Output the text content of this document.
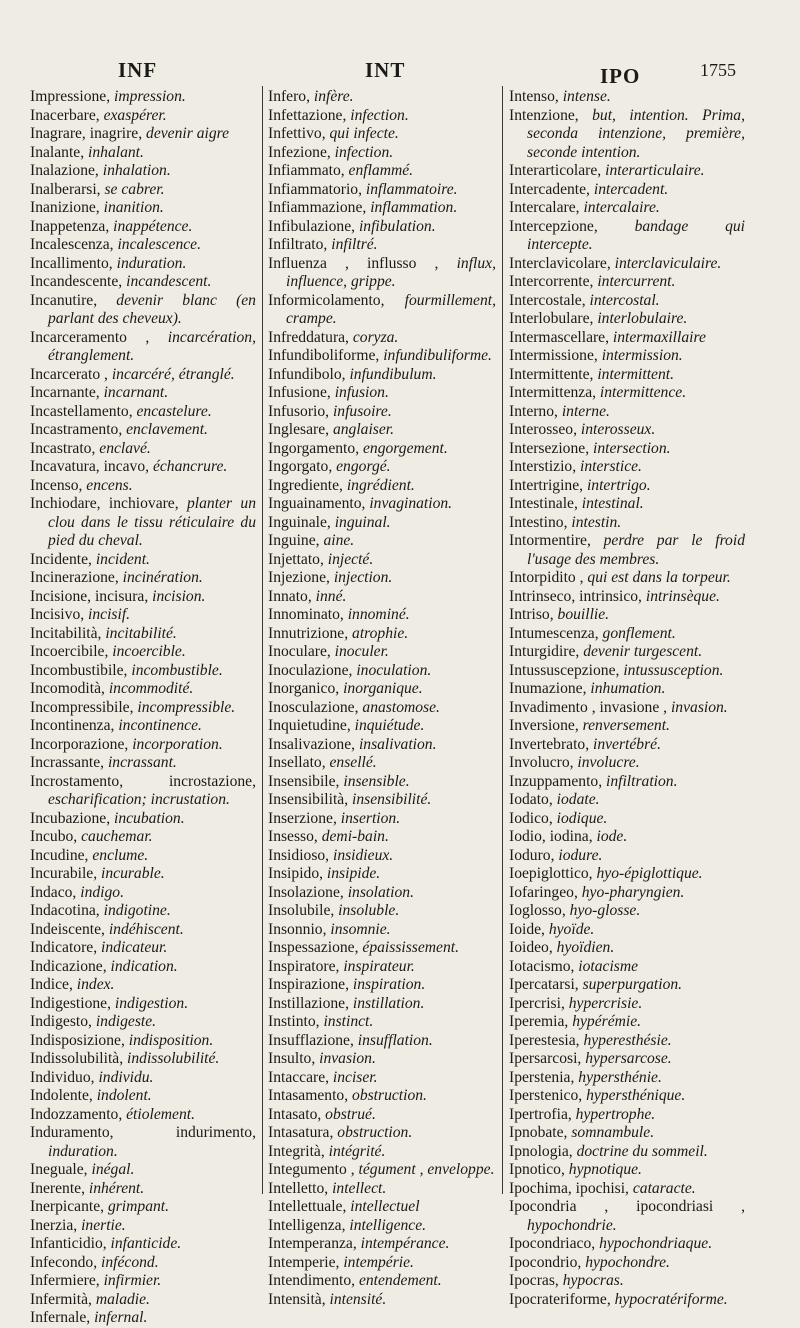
INF	INT	IPO	1755

Impressione, impression.

Inacerbare, exaspérer.

Inagrare, inagrire, devenir aigre

Inalante, inhalant.

Inalazione, inhalation.

Inalberarsi, se cabrer.

Inanizione, inanition.

Inappetenza, inappétence.

Incalescenza, incalescence.

Incallimento, induration.

Incandescente, incandescent.

Incanutire, devenir blanc (en parlant des cheveux).

Incarceramento , incarcération, étranglement.

Incarcerato , incarcéré, étranglé.

Incarnante, incarnant.

Incastellamento, encastelure.

Incastramento, enclavement.

Incastrato, enclavé.

Incavatura, incavo, échancrure.

Incenso, encens.

Inchiodare, inchiovare, planter un clou dans le tissu réticulaire du pied du cheval.

Incidente, incident.

Incinerazione, incinération.

Incisione, incisura, incision.

Incisivo, incisif.

Incitabilità, incitabilité.

Incoercibile, incoercible.

Incombustibile, incombustible.

Incomodità, incommodité.

Incompressibile, incompressible.

Incontinenza, incontinence.

Incorporazione, incorporation.

Incrassante, incrassant.

Incrostamento, incrostazione, escharification; incrustation.

Incubazione, incubation.

Incubo, cauchemar.

Incudine, enclume.

Incurabile, incurable.

Indaco, indigo.

Indacotina, indigotine.

Indeiscente, indéhiscent.

Indicatore, indicateur.

Indicazione, indication.

Indice, index.

Indigestione, indigestion.

Indigesto, indigeste.

Indisposizione, indisposition.

Indissolubilità, indissolubilité.

Individuo, individu.

Indolente, indolent.

Indozzamento, étiolement.

Induramento, indurimento, induration.

Ineguale, inégal.

Inerente, inhérent.

Inerpicante, grimpant.

Inerzia, inertie.

Infanticidio, infanticide.

Infecondo, infécond.

Infermiere, infirmier.

Infermità, maladie.

Infernale, infernal.

Infero, infère.

Infettazione, infection.

Infettivo, qui infecte.

Infezione, infection.

Infiammato, enflammé.

Infiammatorio, inflammatoire.

Infiammazione, inflammation.

Infibulazione, infibulation.

Infiltrato, infiltré.

Influenza , influsso , influx, influence, grippe.

Informicolamento, fourmillement, crampe.

Infreddatura, coryza.

Infundiboliforme, infundibuliforme.

Infundibolo, infundibulum.

Infusione, infusion.

Infusorio, infusoire.

Inglesare, anglaiser.

Ingorgamento, engorgement.

Ingorgato, engorgé.

Ingrediente, ingrédient.

Inguainamento, invagination.

Inguinale, inguinal.

Inguine, aine.

Injettato, injecté.

Injezione, injection.

Innato, inné.

Innominato, innominé.

Innutrizione, atrophie.

Inoculare, inoculer.

Inoculazione, inoculation.

Inorganico, inorganique.

Inosculazione, anastomose.

Inquietudine, inquiétude.

Insalivazione, insalivation.

Insellato, ensellé.

Insensibile, insensible.

Insensibilità, insensibilité.

Inserzione, insertion.

Insesso, demi-bain.

Insidioso, insidieux.

Insipido, insipide.

Insolazione, insolation.

Insolubile, insoluble.

Insonnio, insomnie.

Inspessazione, épaississement.

Inspiratore, inspirateur.

Inspirazione, inspiration.

Instillazione, instillation.

Instinto, instinct.

Insufflazione, insufflation.

Insulto, invasion.

Intaccare, inciser.

Intasamento, obstruction.

Intasato, obstrué.

Intasatura, obstruction.

Integrità, intégrité.

Integumento , tégument , enveloppe.

Intelletto, intellect.

Intellettuale, intellectuel

Intelligenza, intelligence.

Intemperanza, intempérance.

Intemperie, intempérie.

Intendimento, entendement.

Intensità, intensité.

Intenso, intense.

Intenzione, but, intention. Prima, seconda intenzione, première, seconde intention.

Interarticolare, interarticulaire.

Intercadente, intercadent.

Intercalare, intercalaire.

Intercepzione, bandage qui intercepte.

Interclavicolare, interclaviculaire.

Intercorrente, intercurrent.

Intercostale, intercostal.

Interlobulare, interlobulaire.

Intermascellare, intermaxillaire

Intermissione, intermission.

Intermittente, intermittent.

Intermittenza, intermittence.

Interno, interne.

Interosseo, interosseux.

Intersezione, intersection.

Interstizio, interstice.

Intertrigine, intertrigo.

Intestinale, intestinal.

Intestino, intestin.

Intormentire, perdre par le froid l'usage des membres.

Intorpidito , qui est dans la torpeur.

Intrinseco, intrinsico, intrinsèque.

Intriso, bouillie.

Intumescenza, gonflement.

Inturgidire, devenir turgescent.

Intussuscepzione, intussusception.

Inumazione, inhumation.

Invadimento , invasione , invasion.

Inversione, renversement.

Invertebrato, invertébré.

Involucro, involucre.

Inzuppamento, infiltration.

Iodato, iodate.

Iodico, iodique.

Iodio, iodina, iode.

Ioduro, iodure.

Ioepiglottico, hyo-épiglottique.

Iofaringeo, hyo-pharyngien.

Ioglosso, hyo-glosse.

Ioide, hyoïde.

Ioideo, hyoïdien.

Iotacismo, iotacisme

Ipercatarsi, superpurgation.

Ipercrisi, hypercrisie.

Iperemia, hypérémie.

Iperestesia, hyperesthésie.

Ipersarcosi, hypersarcose.

Iperstenia, hypersthénie.

Iperstenico, hypersthénique.

Ipertrofia, hypertrophe.

Ipnobate, somnambule.

Ipnologia, doctrine du sommeil.

Ipnotico, hypnotique.

Ipochima, ipochisi, cataracte.

Ipocondria , ipocondriasi , hypochondrie.

Ipocondriaco, hypochondriaque.

Ipocondrio, hypochondre.

Ipocras, hypocras.

Ipocrateriforme, hypocratériforme.
